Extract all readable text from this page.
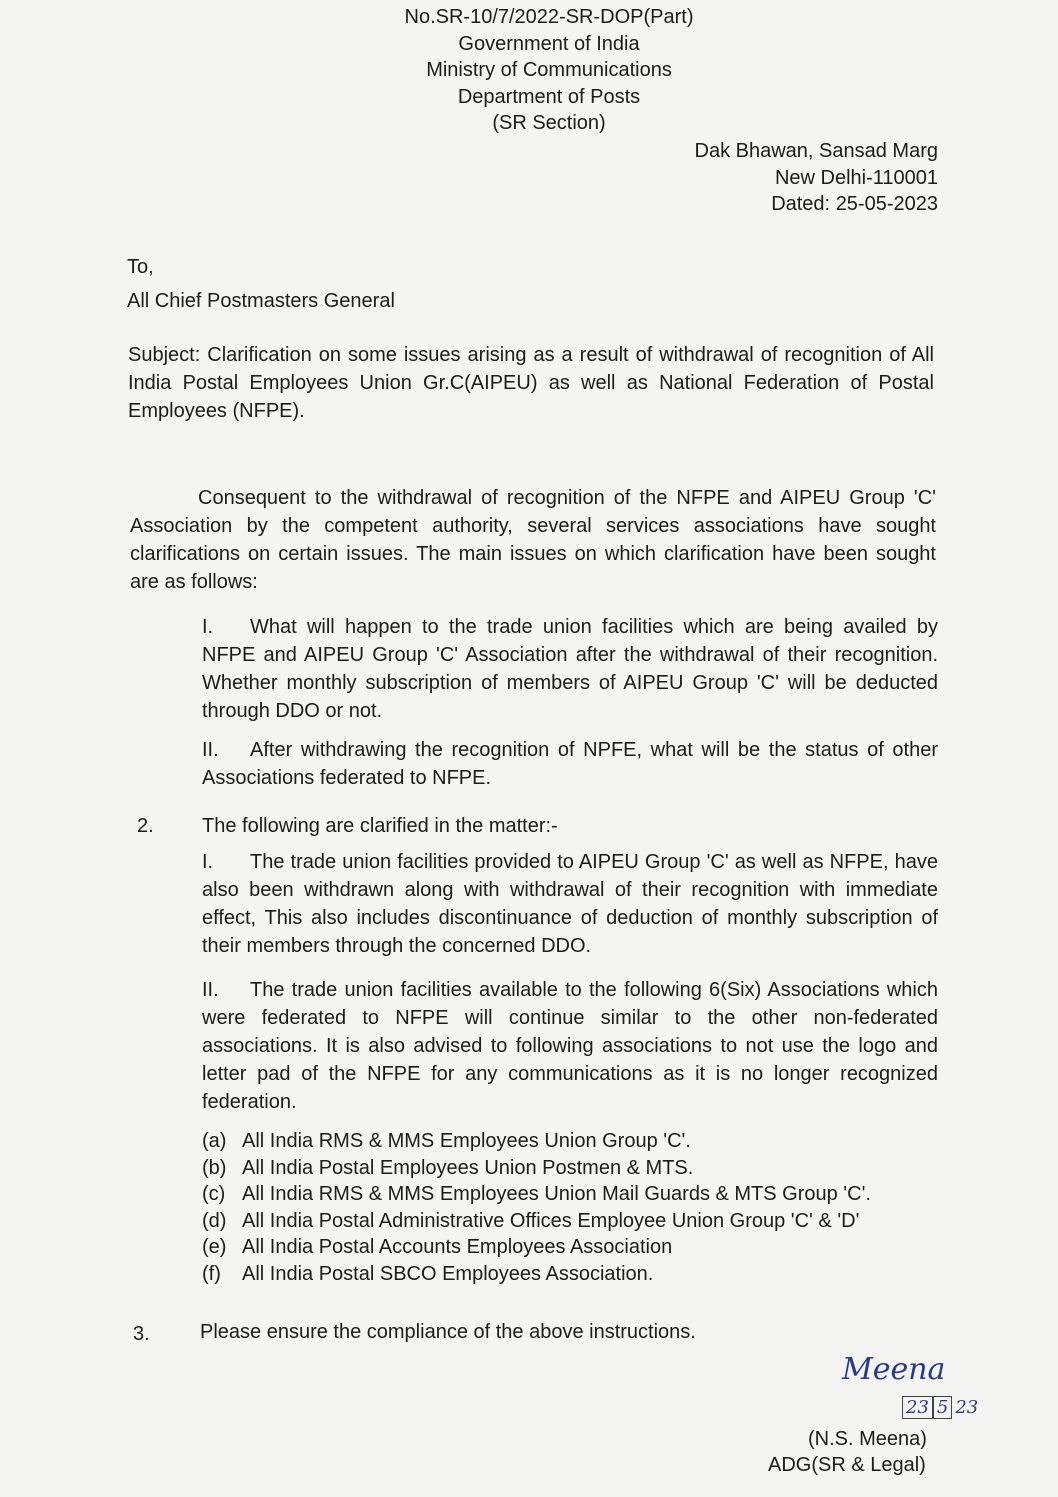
No.SR-10/7/2022-SR-DOP(Part)
Government of India
Ministry of Communications
Department of Posts
(SR Section)
Dak Bhawan, Sansad Marg
New Delhi-110001
Dated: 25-05-2023
To,
All Chief Postmasters General
Subject: Clarification on some issues arising as a result of withdrawal of recognition of All India Postal Employees Union Gr.C(AIPEU) as well as National Federation of Postal Employees (NFPE).
Consequent to the withdrawal of recognition of the NFPE and AIPEU Group 'C' Association by the competent authority, several services associations have sought clarifications on certain issues. The main issues on which clarification have been sought are as follows:
I. What will happen to the trade union facilities which are being availed by NFPE and AIPEU Group 'C' Association after the withdrawal of their recognition. Whether monthly subscription of members of AIPEU Group 'C' will be deducted through DDO or not.
II. After withdrawing the recognition of NPFE, what will be the status of other Associations federated to NFPE.
2. The following are clarified in the matter:-
I. The trade union facilities provided to AIPEU Group 'C' as well as NFPE, have also been withdrawn along with withdrawal of their recognition with immediate effect, This also includes discontinuance of deduction of monthly subscription of their members through the concerned DDO.
II. The trade union facilities available to the following 6(Six) Associations which were federated to NFPE will continue similar to the other non-federated associations. It is also advised to following associations to not use the logo and letter pad of the NFPE for any communications as it is no longer recognized federation.
(a) All India RMS & MMS Employees Union Group 'C'.
(b) All India Postal Employees Union Postmen & MTS.
(c) All India RMS & MMS Employees Union Mail Guards & MTS Group 'C'.
(d) All India Postal Administrative Offices Employee Union Group 'C' & 'D'
(e) All India Postal Accounts Employees Association
(f) All India Postal SBCO Employees Association.
3.	Please ensure the compliance of the above instructions.
Meena
23 5 23
(N.S. Meena)
ADG(SR & Legal)
